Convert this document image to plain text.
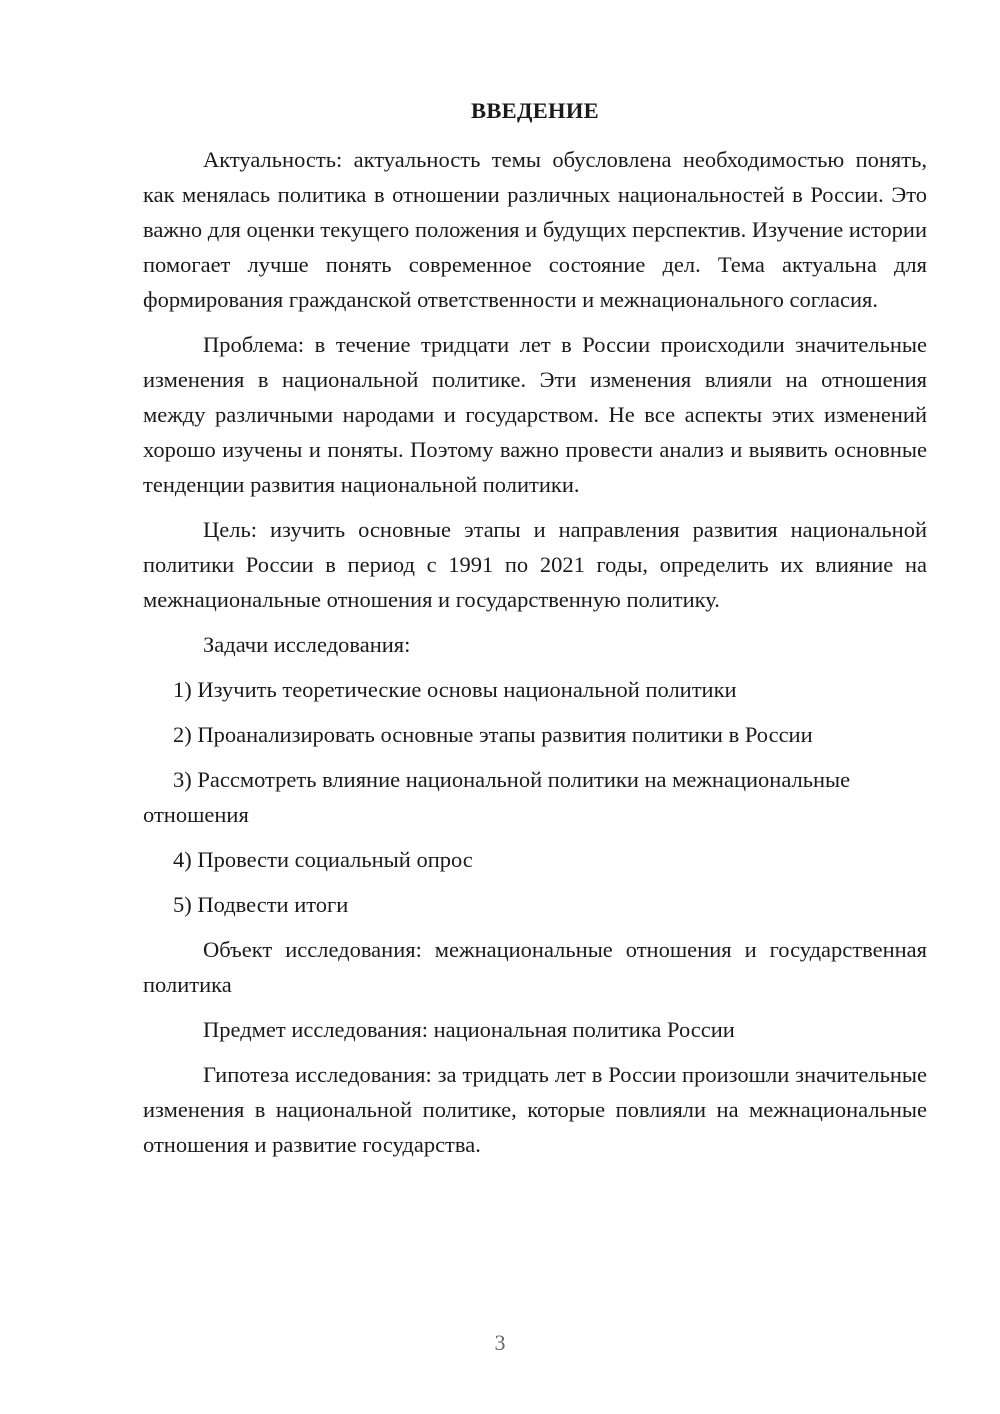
ВВЕДЕНИЕ

Актуальность: актуальность темы обусловлена необходимостью понять, как менялась политика в отношении различных национальностей в России. Это важно для оценки текущего положения и будущих перспектив. Изучение истории помогает лучше понять современное состояние дел. Тема актуальна для формирования гражданской ответственности и межнационального согласия.

Проблема: в течение тридцати лет в России происходили значительные изменения в национальной политике. Эти изменения влияли на отношения между различными народами и государством. Не все аспекты этих изменений хорошо изучены и поняты. Поэтому важно провести анализ и выявить основные тенденции развития национальной политики.

Цель: изучить основные этапы и направления развития национальной политики России в период с 1991 по 2021 годы, определить их влияние на межнациональные отношения и государственную политику.

Задачи исследования:

1) Изучить теоретические основы национальной политики

2) Проанализировать основные этапы развития политики в России

3) Рассмотреть влияние национальной политики на межнациональные отношения

4) Провести социальный опрос

5) Подвести итоги

Объект исследования: межнациональные отношения и государственная политика

Предмет исследования: национальная политика России

Гипотеза исследования: за тридцать лет в России произошли значительные изменения в национальной политике, которые повлияли на межнациональные отношения и развитие государства.

3
